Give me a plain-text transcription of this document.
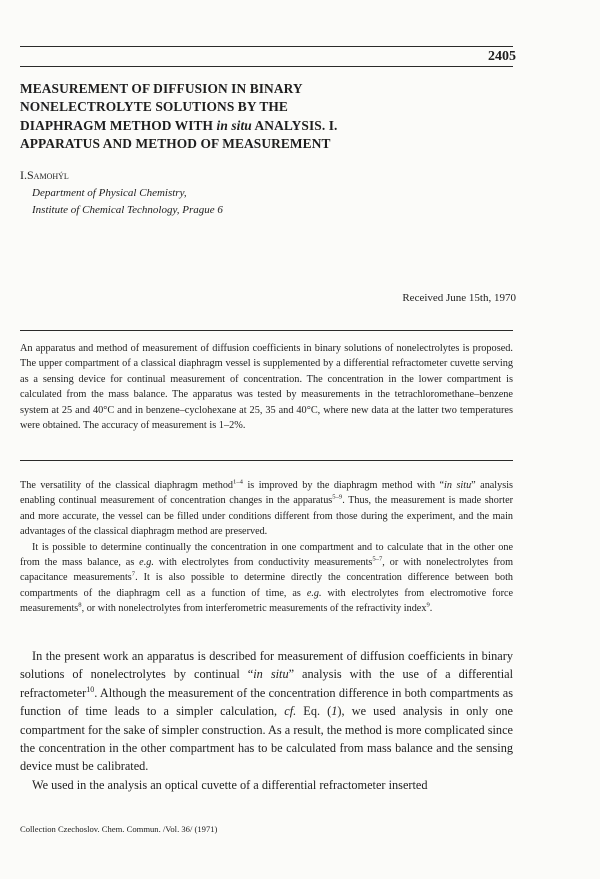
2405
MEASUREMENT OF DIFFUSION IN BINARY
NONELECTROLYTE SOLUTIONS BY THE
DIAPHRAGM METHOD WITH in situ ANALYSIS. I.
APPARATUS AND METHOD OF MEASUREMENT
I.Samohýl
Department of Physical Chemistry,
Institute of Chemical Technology, Prague 6
Received June 15th, 1970
An apparatus and method of measurement of diffusion coefficients in binary solutions of nonelectrolytes is proposed. The upper compartment of a classical diaphragm vessel is supplemented by a differential refractometer cuvette serving as a sensing device for continual measurement of concentration. The concentration in the lower compartment is calculated from the mass balance. The apparatus was tested by measurements in the tetrachloromethane–benzene system at 25 and 40°C and in benzene–cyclohexane at 25, 35 and 40°C, where new data at the latter two temperatures were obtained. The accuracy of measurement is 1–2%.

The versatility of the classical diaphragm method$^{1-4}$ is improved by the diaphragm method with “in situ” analysis enabling continual measurement of concentration changes in the apparatus$^{5-9}$. Thus, the measurement is made shorter and more accurate, the vessel can be filled under conditions different from those during the experiment, and the main advantages of the classical diaphragm method are preserved.

It is possible to determine continually the concentration in one compartment and to calculate that in the other one from the mass balance, as e.g. with electrolytes from conductivity measurements$^{5-7}$, or with nonelectrolytes from capacitance measurements$^7$. It is also possible to determine directly the concentration difference between both compartments of the diaphragm cell as a function of time, as e.g. with electrolytes from electromotive force measurements$^8$, or with nonelectrolytes from interferometric measurements of the refractivity index$^9$.

In the present work an apparatus is described for measurement of diffusion coefficients in binary solutions of nonelectrolytes by continual “in situ” analysis with the use of a differential refractometer$^{10}$. Although the measurement of the concentration difference in both compartments as function of time leads to a simpler calculation, cf. Eq. (1), we used analysis in only one compartment for the sake of simpler construction. As a result, the method is more complicated since the concentration in the other compartment has to be calculated from mass balance and the sensing device must be calibrated.

We used in the analysis an optical cuvette of a differential refractometer inserted

Collection Czechoslov. Chem. Commun. /Vol. 36/ (1971)
